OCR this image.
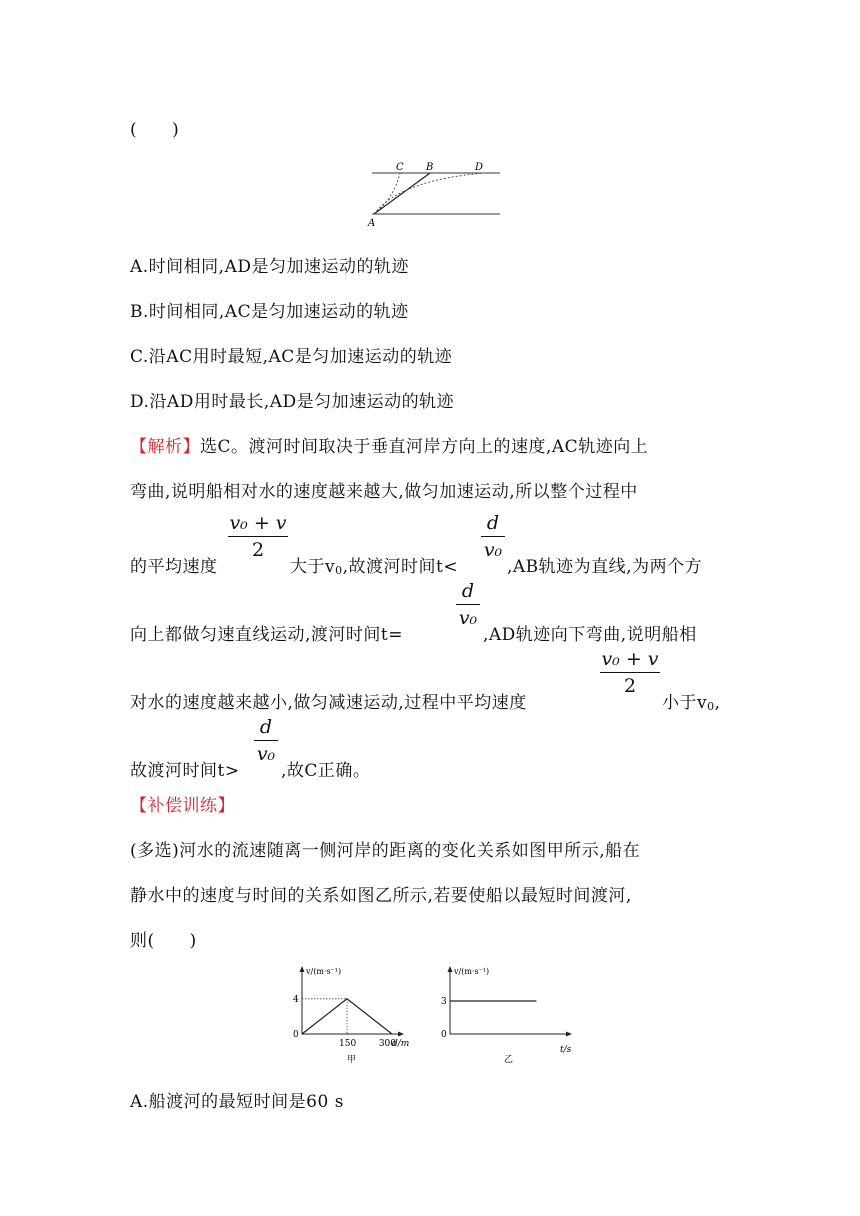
(　　)
A
C B	D
A.时间相同,AD是匀加速运动的轨迹
B.时间相同,AC是匀加速运动的轨迹
C.沿AC用时最短,AC是匀加速运动的轨迹
D.沿AD用时最长,AD是匀加速运动的轨迹
【解析】选C。渡河时间取决于垂直河岸方向上的速度,AC轨迹向上
弯曲,说明船相对水的速度越来越大,做匀加速运动,所以整个过程中
的平均速度
v₀ + v
2
大于v0,故渡河时间t<
d
v₀
,AB轨迹为直线,为两个方
向上都做匀速直线运动,渡河时间t=
d
v₀
,AD轨迹向下弯曲,说明船相
对水的速度越来越小,做匀减速运动,过程中平均速度
v₀ + v
2
小于v0,
故渡河时间t>
d
v₀
,故C正确。
【补偿训练】
(多选)河水的流速随离一侧河岸的距离的变化关系如图甲所示,船在
静水中的速度与时间的关系如图乙所示,若要使船以最短时间渡河,
则(　　)
v/(m·s⁻¹)
d/m
0
4
150	300
甲
v/(m·s⁻¹)
t/s
0
3
乙
A.船渡河的最短时间是60 s
